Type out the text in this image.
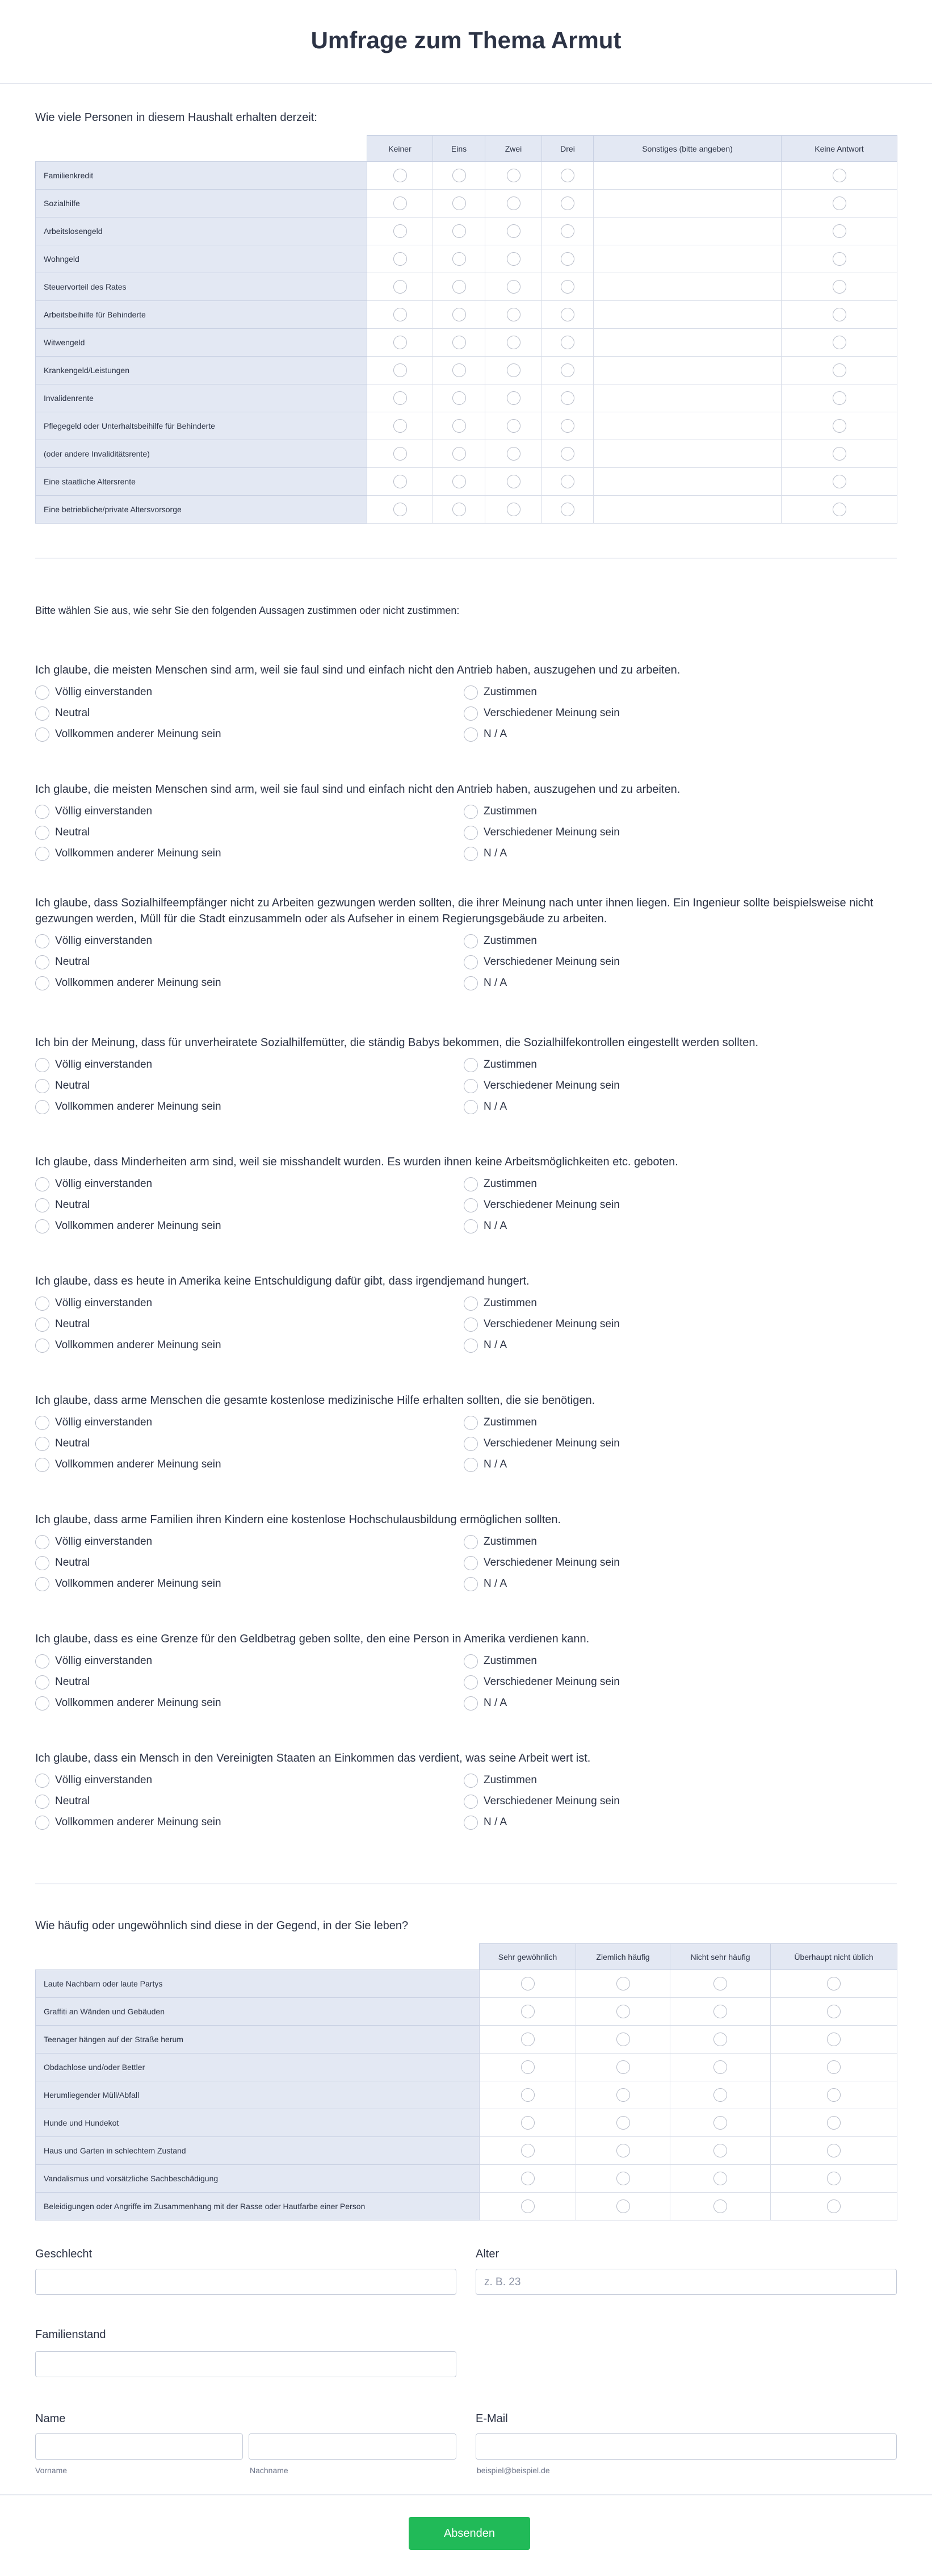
Umfrage zum Thema Armut
Wie viele Personen in diesem Haushalt erhalten derzeit:
	Keiner	Eins	Zwei	Drei	Sonstiges (bitte angeben)	Keine Antwort
Familienkredit						
Sozialhilfe						
Arbeitslosengeld						
Wohngeld						
Steuervorteil des Rates						
Arbeitsbeihilfe für Behinderte						
Witwengeld						
Krankengeld/Leistungen						
Invalidenrente						
Pflegegeld oder Unterhaltsbeihilfe für Behinderte						
(oder andere Invaliditätsrente)						
Eine staatliche Altersrente						
Eine betriebliche/private Altersvorsorge						
Bitte wählen Sie aus, wie sehr Sie den folgenden Aussagen zustimmen oder nicht zustimmen:
Ich glaube, die meisten Menschen sind arm, weil sie faul sind und einfach nicht den Antrieb haben, auszugehen und zu arbeiten.
Völlig einverstanden	Zustimmen
Neutral	Verschiedener Meinung sein
Vollkommen anderer Meinung sein	N / A
Ich glaube, die meisten Menschen sind arm, weil sie faul sind und einfach nicht den Antrieb haben, auszugehen und zu arbeiten.
Völlig einverstanden	Zustimmen
Neutral	Verschiedener Meinung sein
Vollkommen anderer Meinung sein	N / A
Ich glaube, dass Sozialhilfeempfänger nicht zu Arbeiten gezwungen werden sollten, die ihrer Meinung nach unter ihnen liegen. Ein Ingenieur sollte beispielsweise nicht gezwungen werden, Müll für die Stadt einzusammeln oder als Aufseher in einem Regierungsgebäude zu arbeiten.
Völlig einverstanden	Zustimmen
Neutral	Verschiedener Meinung sein
Vollkommen anderer Meinung sein	N / A
Ich bin der Meinung, dass für unverheiratete Sozialhilfemütter, die ständig Babys bekommen, die Sozialhilfekontrollen eingestellt werden sollten.
Völlig einverstanden	Zustimmen
Neutral	Verschiedener Meinung sein
Vollkommen anderer Meinung sein	N / A
Ich glaube, dass Minderheiten arm sind, weil sie misshandelt wurden. Es wurden ihnen keine Arbeitsmöglichkeiten etc. geboten.
Völlig einverstanden	Zustimmen
Neutral	Verschiedener Meinung sein
Vollkommen anderer Meinung sein	N / A
Ich glaube, dass es heute in Amerika keine Entschuldigung dafür gibt, dass irgendjemand hungert.
Völlig einverstanden	Zustimmen
Neutral	Verschiedener Meinung sein
Vollkommen anderer Meinung sein	N / A
Ich glaube, dass arme Menschen die gesamte kostenlose medizinische Hilfe erhalten sollten, die sie benötigen.
Völlig einverstanden	Zustimmen
Neutral	Verschiedener Meinung sein
Vollkommen anderer Meinung sein	N / A
Ich glaube, dass arme Familien ihren Kindern eine kostenlose Hochschulausbildung ermöglichen sollten.
Völlig einverstanden	Zustimmen
Neutral	Verschiedener Meinung sein
Vollkommen anderer Meinung sein	N / A
Ich glaube, dass es eine Grenze für den Geldbetrag geben sollte, den eine Person in Amerika verdienen kann.
Völlig einverstanden	Zustimmen
Neutral	Verschiedener Meinung sein
Vollkommen anderer Meinung sein	N / A
Ich glaube, dass ein Mensch in den Vereinigten Staaten an Einkommen das verdient, was seine Arbeit wert ist.
Völlig einverstanden	Zustimmen
Neutral	Verschiedener Meinung sein
Vollkommen anderer Meinung sein	N / A
Wie häufig oder ungewöhnlich sind diese in der Gegend, in der Sie leben?
	Sehr gewöhnlich	Ziemlich häufig	Nicht sehr häufig	Überhaupt nicht üblich
Laute Nachbarn oder laute Partys				
Graffiti an Wänden und Gebäuden				
Teenager hängen auf der Straße herum				
Obdachlose und/oder Bettler				
Herumliegender Müll/Abfall				
Hunde und Hundekot				
Haus und Garten in schlechtem Zustand				
Vandalismus und vorsätzliche Sachbeschädigung				
Beleidigungen oder Angriffe im Zusammenhang mit der Rasse oder Hautfarbe einer Person				
Geschlecht	Alter
z. B. 23
Familienstand
Name
Vorname	Nachname
E-Mail
beispiel@beispiel.de
Absenden
